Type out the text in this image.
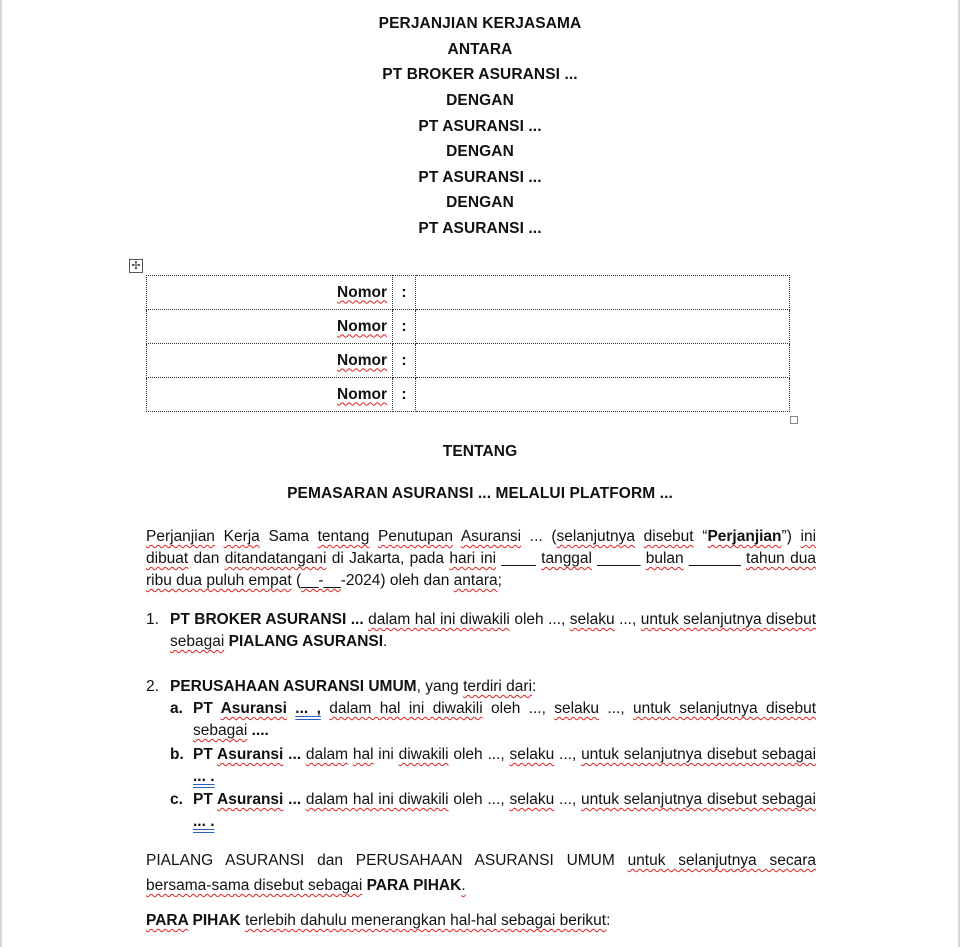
PERJANJIAN KERJASAMA
ANTARA
PT BROKER ASURANSI ...
DENGAN
PT ASURANSI ...
DENGAN
PT ASURANSI ...
DENGAN
PT ASURANSI ...
✢
Nomor	:	
Nomor	:	
Nomor	:	
Nomor	:	
TENTANG
PEMASARAN ASURANSI ... MELALUI PLATFORM ...
Perjanjian Kerja Sama tentang Penutupan Asuransi ... (selanjutnya disebut “Perjanjian”) ini dibuat dan ditandatangani di Jakarta, pada hari ini ____ tanggal _____ bulan ______ tahun dua ribu dua puluh empat (__-__-2024) oleh dan antara;
1. PT BROKER ASURANSI ... dalam hal ini diwakili oleh ..., selaku ..., untuk selanjutnya disebut sebagai PIALANG ASURANSI.
2. PERUSAHAAN ASURANSI UMUM, yang terdiri dari:
a. PT Asuransi ... , dalam hal ini diwakili oleh ..., selaku ..., untuk selanjutnya disebut sebagai ....
b. PT Asuransi ... dalam hal ini diwakili oleh ..., selaku ..., untuk selanjutnya disebut sebagai ... .
c. PT Asuransi ... dalam hal ini diwakili oleh ..., selaku ..., untuk selanjutnya disebut sebagai ... .
PIALANG ASURANSI dan PERUSAHAAN ASURANSI UMUM untuk selanjutnya secara bersama-sama disebut sebagai PARA PIHAK.
PARA PIHAK terlebih dahulu menerangkan hal-hal sebagai berikut:
